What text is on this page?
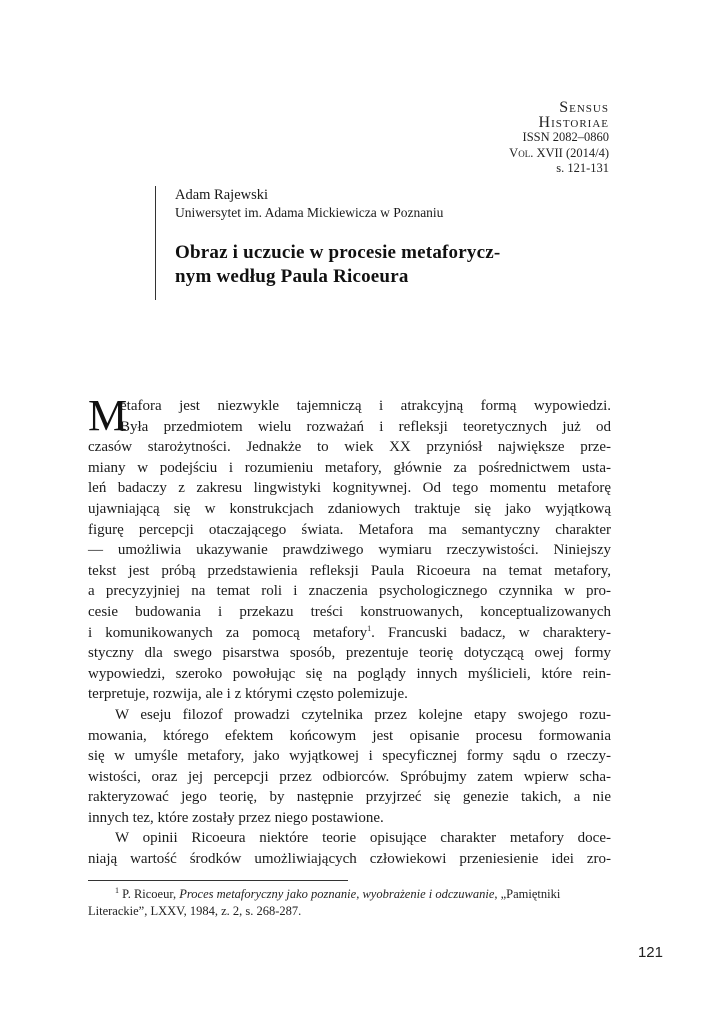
Sensus
Historiae
ISSN 2082–0860
Vol. XVII (2014/4)
s. 121-131
Adam Rajewski
Uniwersytet im. Adama Mickiewicza w Poznaniu
Obraz i uczucie w procesie metaforycz-
nym według Paula Ricoeura
M
etafora jest niezwykle tajemniczą i atrakcyjną formą wypowiedzi.
Była przedmiotem wielu rozważań i refleksji teoretycznych już od
czasów starożytności. Jednakże to wiek XX przyniósł największe prze-
miany w podejściu i rozumieniu metafory, głównie za pośrednictwem usta-
leń badaczy z zakresu lingwistyki kognitywnej. Od tego momentu metaforę
ujawniającą się w konstrukcjach zdaniowych traktuje się jako wyjątkową
figurę percepcji otaczającego świata. Metafora ma semantyczny charakter
— umożliwia ukazywanie prawdziwego wymiaru rzeczywistości. Niniejszy
tekst jest próbą przedstawienia refleksji Paula Ricoeura na temat metafory,
a precyzyjniej na temat roli i znaczenia psychologicznego czynnika w pro-
cesie budowania i przekazu treści konstruowanych, konceptualizowanych
i komunikowanych za pomocą metafory$^1$. Francuski badacz, w charaktery-
styczny dla swego pisarstwa sposób, prezentuje teorię dotyczącą owej formy
wypowiedzi, szeroko powołując się na poglądy innych myślicieli, które rein-
terpretuje, rozwija, ale i z którymi często polemizuje.
W eseju filozof prowadzi czytelnika przez kolejne etapy swojego rozu-
mowania, którego efektem końcowym jest opisanie procesu formowania
się w umyśle metafory, jako wyjątkowej i specyficznej formy sądu o rzeczy-
wistości, oraz jej percepcji przez odbiorców. Spróbujmy zatem wpierw scha-
rakteryzować jego teorię, by następnie przyjrzeć się genezie takich, a nie
innych tez, które zostały przez niego postawione.
W opinii Ricoeura niektóre teorie opisujące charakter metafory doce-
niają wartość środków umożliwiających człowiekowi przeniesienie idei zro-
$^1$ P. Ricoeur, Proces metaforyczny jako poznanie, wyobrażenie i odczuwanie, „Pamiętniki
Literackie”, LXXV, 1984, z. 2, s. 268-287.
121
